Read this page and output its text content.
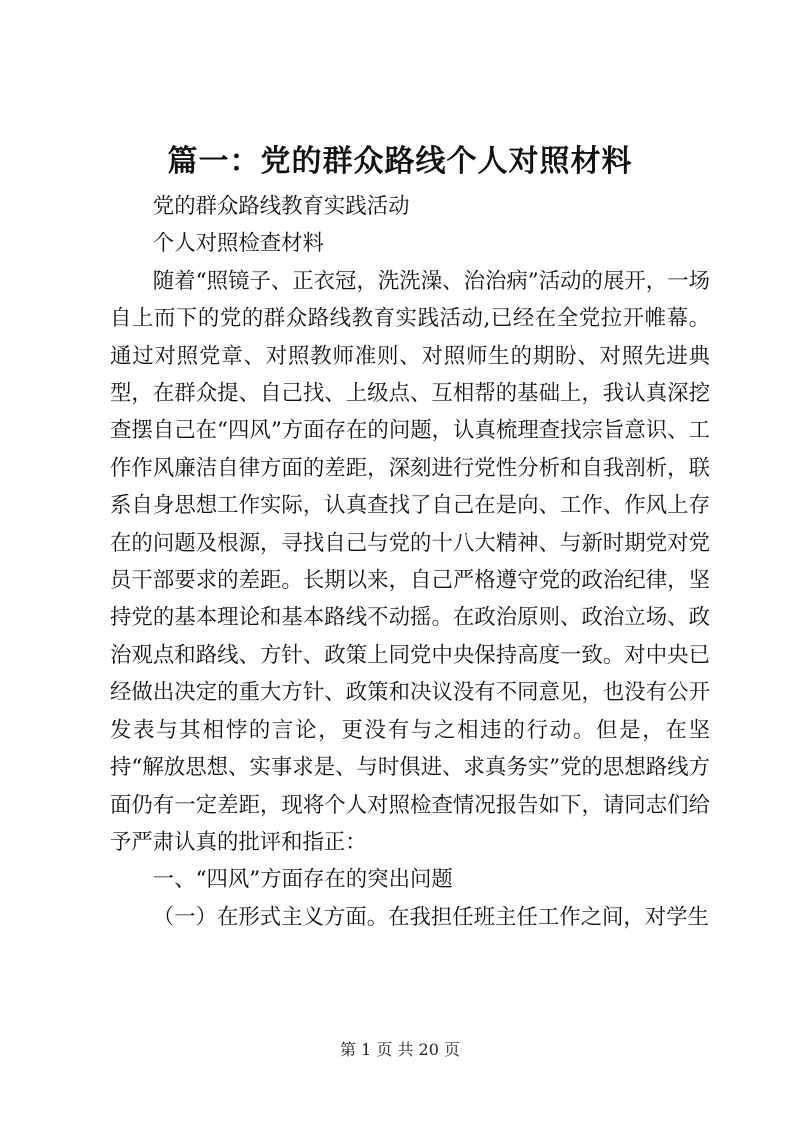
篇一：党的群众路线个人对照材料

党的群众路线教育实践活动

个人对照检查材料

随着“照镜子、正衣冠，洗洗澡、治治病”活动的展开，一场自上而下的党的群众路线教育实践活动,已经在全党拉开帷幕。通过对照党章、对照教师准则、对照师生的期盼、对照先进典型，在群众提、自己找、上级点、互相帮的基础上，我认真深挖查摆自己在“四风”方面存在的问题，认真梳理查找宗旨意识、工作作风廉洁自律方面的差距，深刻进行党性分析和自我剖析，联系自身思想工作实际，认真查找了自己在是向、工作、作风上存在的问题及根源，寻找自己与党的十八大精神、与新时期党对党员干部要求的差距。长期以来，自己严格遵守党的政治纪律，坚持党的基本理论和基本路线不动摇。在政治原则、政治立场、政治观点和路线、方针、政策上同党中央保持高度一致。对中央已经做出决定的重大方针、政策和决议没有不同意见，也没有公开发表与其相悖的言论，更没有与之相违的行动。但是，在坚持“解放思想、实事求是、与时俱进、求真务实”党的思想路线方面仍有一定差距，现将个人对照检查情况报告如下，请同志们给予严肃认真的批评和指正：

一、“四风”方面存在的突出问题

（一）在形式主义方面。在我担任班主任工作之间，对学生

第 1 页 共 20 页
